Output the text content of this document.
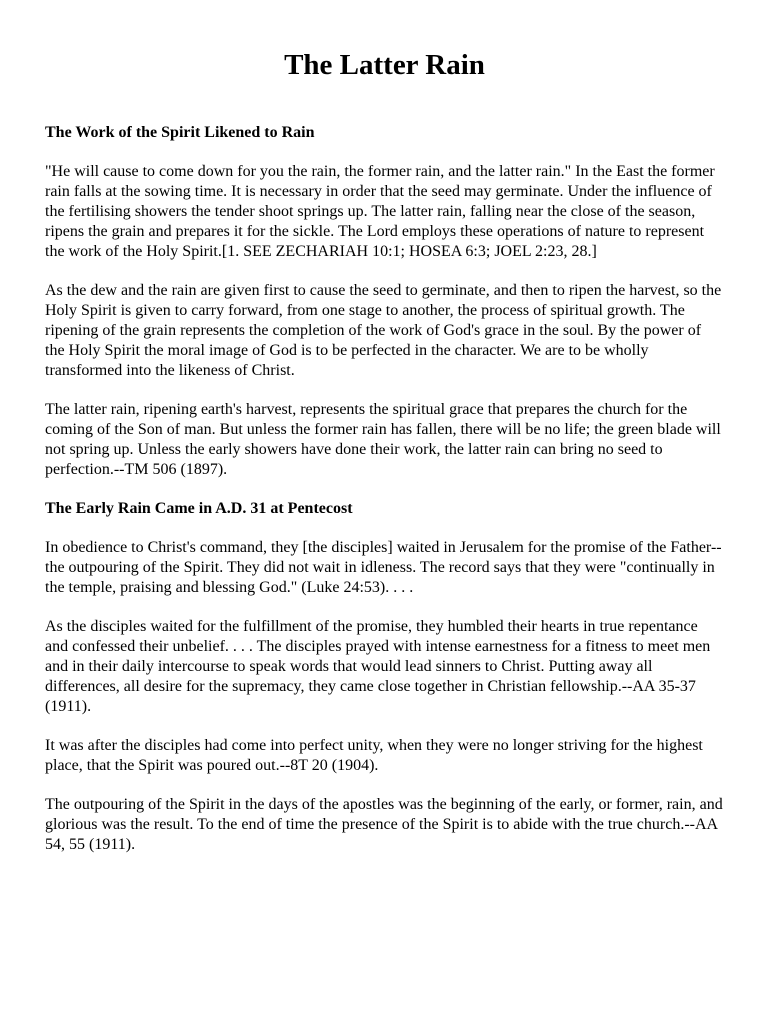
The Latter Rain
The Work of the Spirit Likened to Rain

"He will cause to come down for you the rain, the former rain, and the latter rain." In the East the former rain falls at the sowing time. It is necessary in order that the seed may germinate. Under the influence of the fertilising showers the tender shoot springs up. The latter rain, falling near the close of the season, ripens the grain and prepares it for the sickle. The Lord employs these operations of nature to represent the work of the Holy Spirit.[1. SEE ZECHARIAH 10:1; HOSEA 6:3; JOEL 2:23, 28.]

As the dew and the rain are given first to cause the seed to germinate, and then to ripen the harvest, so the Holy Spirit is given to carry forward, from one stage to another, the process of spiritual growth. The ripening of the grain represents the completion of the work of God's grace in the soul. By the power of the Holy Spirit the moral image of God is to be perfected in the character. We are to be wholly transformed into the likeness of Christ.

The latter rain, ripening earth's harvest, represents the spiritual grace that prepares the church for the coming of the Son of man. But unless the former rain has fallen, there will be no life; the green blade will not spring up. Unless the early showers have done their work, the latter rain can bring no seed to perfection.--TM 506 (1897).

The Early Rain Came in A.D. 31 at Pentecost

In obedience to Christ's command, they [the disciples] waited in Jerusalem for the promise of the Father--the outpouring of the Spirit. They did not wait in idleness. The record says that they were "continually in the temple, praising and blessing God." (Luke 24:53). . . .

As the disciples waited for the fulfillment of the promise, they humbled their hearts in true repentance and confessed their unbelief. . . . The disciples prayed with intense earnestness for a fitness to meet men and in their daily intercourse to speak words that would lead sinners to Christ. Putting away all differences, all desire for the supremacy, they came close together in Christian fellowship.--AA 35-37 (1911).

It was after the disciples had come into perfect unity, when they were no longer striving for the highest place, that the Spirit was poured out.--8T 20 (1904).

The outpouring of the Spirit in the days of the apostles was the beginning of the early, or former, rain, and glorious was the result. To the end of time the presence of the Spirit is to abide with the true church.--AA 54, 55 (1911).
